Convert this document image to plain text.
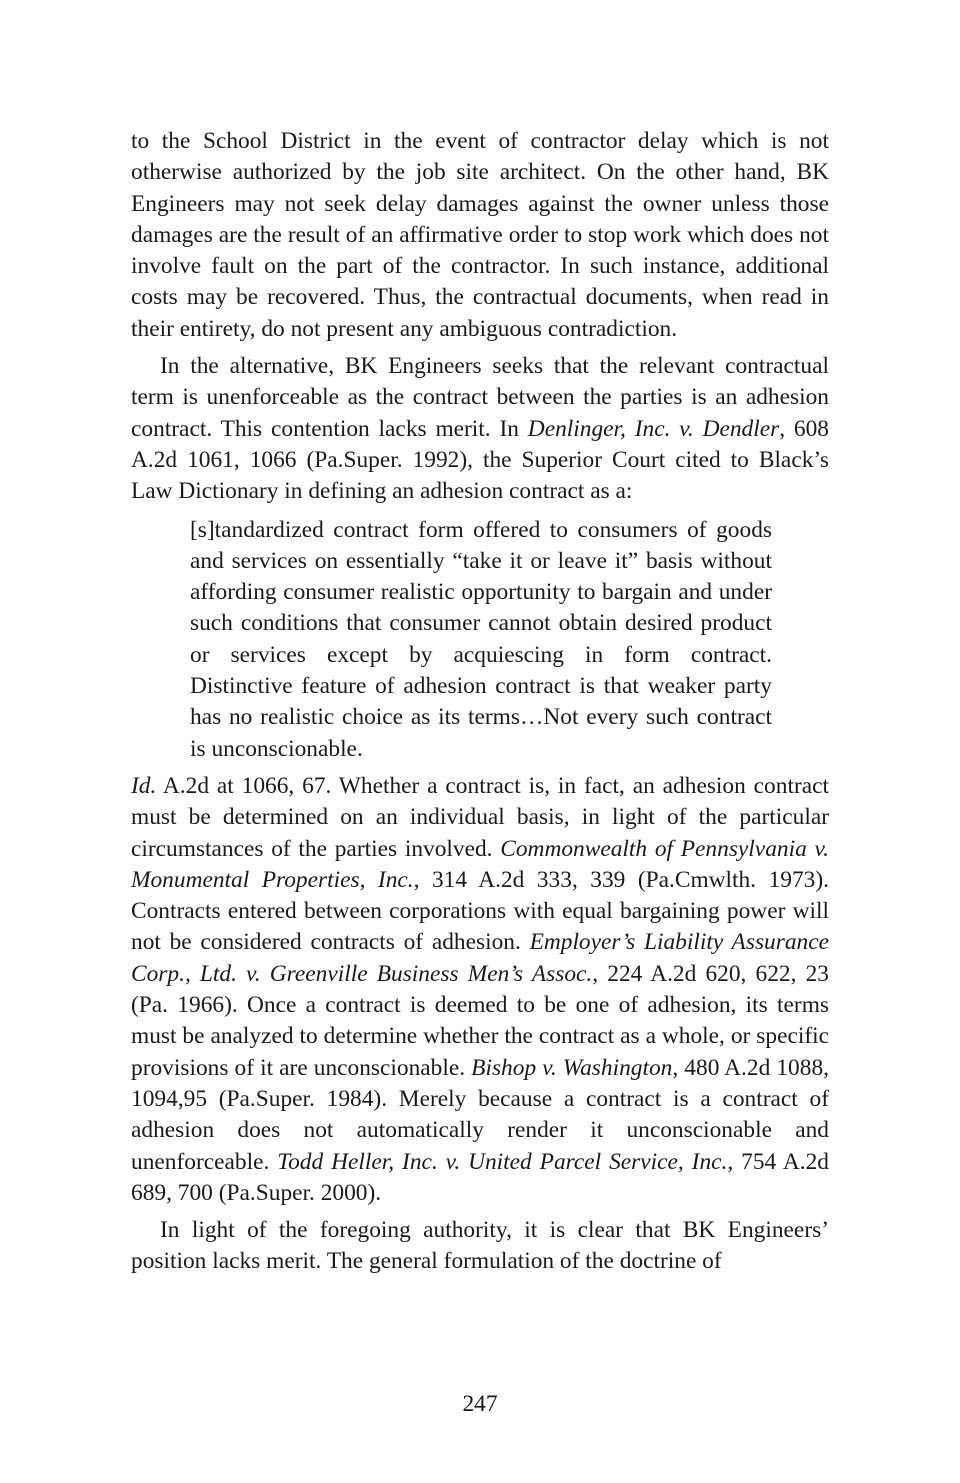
to the School District in the event of contractor delay which is not otherwise authorized by the job site architect. On the other hand, BK Engineers may not seek delay damages against the owner unless those damages are the result of an affirmative order to stop work which does not involve fault on the part of the contractor. In such instance, additional costs may be recovered. Thus, the contractual documents, when read in their entirety, do not present any ambiguous contradiction.

In the alternative, BK Engineers seeks that the relevant contractual term is unenforceable as the contract between the parties is an adhesion contract. This contention lacks merit. In Denlinger, Inc. v. Dendler, 608 A.2d 1061, 1066 (Pa.Super. 1992), the Superior Court cited to Black’s Law Dictionary in defining an adhesion contract as a:

[s]tandardized contract form offered to consumers of goods and services on essentially “take it or leave it” basis without affording consumer realistic opportunity to bargain and under such conditions that consumer cannot obtain desired product or services except by acquiescing in form contract. Distinctive feature of adhesion contract is that weaker party has no realistic choice as its terms…Not every such contract is unconscionable.

Id. A.2d at 1066, 67. Whether a contract is, in fact, an adhesion contract must be determined on an individual basis, in light of the particular circumstances of the parties involved. Commonwealth of Pennsylvania v. Monumental Properties, Inc., 314 A.2d 333, 339 (Pa.Cmwlth. 1973). Contracts entered between corporations with equal bargaining power will not be considered contracts of adhesion. Employer’s Liability Assurance Corp., Ltd. v. Greenville Business Men’s Assoc., 224 A.2d 620, 622, 23 (Pa. 1966). Once a contract is deemed to be one of adhesion, its terms must be analyzed to determine whether the contract as a whole, or specific provisions of it are unconscionable. Bishop v. Washington, 480 A.2d 1088, 1094,95 (Pa.Super. 1984). Merely because a contract is a contract of adhesion does not automatically render it unconscionable and unenforceable. Todd Heller, Inc. v. United Parcel Service, Inc., 754 A.2d 689, 700 (Pa.Super. 2000).

In light of the foregoing authority, it is clear that BK Engineers’ position lacks merit. The general formulation of the doctrine of

247
